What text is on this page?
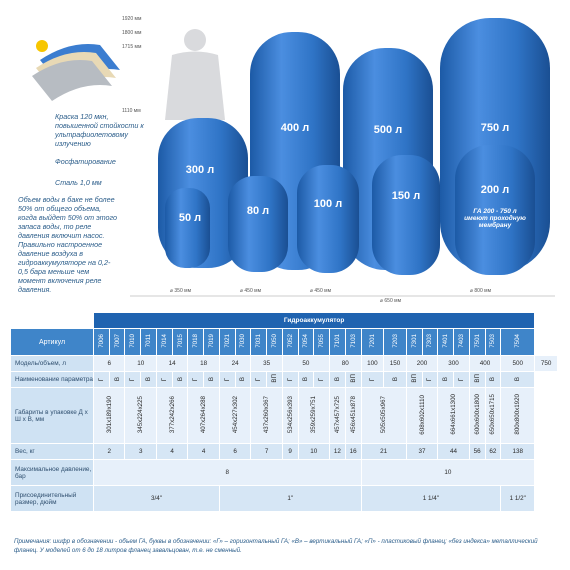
Краска 120 мкн, повышенной стойкости к ультрафиолетовому излучению
Фосфатирование
Сталь 1,0 мм
Объем воды в баке не более 50% от общего объема, когда выйдет 50% от этого запаса воды, то реле давления включит насос. Правильно настроенное давление воздуха в гидроаккумуляторе на 0,2-0,5 бара меньше чем момент включения реле давления.
50 л
80 л
100 л
150 л	200 л
300 л
400 л	500 л	750 л
ГА 200 - 750 л имеют проходную мембрану
1920 мм
1800 мм
1715 мм
1110 мм
⌀ 350 мм	⌀ 450 мм	⌀ 450 мм
⌀ 650 мм
⌀ 800 мм
	Гидроаккумулятор																										
Артикул	7006	7007	7010	7011	7014	7015	7018	7019	7021	7030	7031	7050	7052	7054	7055	7101	7103	7201	7203	7301	7303	7401	7403	7501	7503	7504	
Модель/объем, л	6		10		14		18		24		35		50			80		100	150	200		300		400		500	750
Наименование параметра	Г	В	Г	В	Г	В	Г	В	Г	В	Г	ВП	Г	В	Г	В	ВП	Г	В	ВП	Г	В	Г	ВП	В	В	
Габариты в упаковке Д х Ш х В, мм	301x189x190		345x224x225		377x242x266		407x264x288		454x227x302		437x260x367		534x256x393	359x259x751		457x457x725	456x451x878	505x505x967		608x602x1110		664x661x1300		600x600x1800	650x650x1715	800x800x1920	
Вес, кг	2		3		4		4		6		7		9	10		12	16	21		37		44		56	62	138	
Максимальное давление, бар	8																	10									
Присоединительный размер, дюйм	3/4"								1"									1 1/4"								1 1/2"	
Примечания: шифр в обозначении - объем ГА, буквы в обозначении: «Г» – горизонтальный ГА; «В» – вертикальный ГА; «П» - пластиковый фланец; «без индекса» металлический фланец. У моделей от 6 до 18 литров фланец завальцован, т.е. не сменный.
